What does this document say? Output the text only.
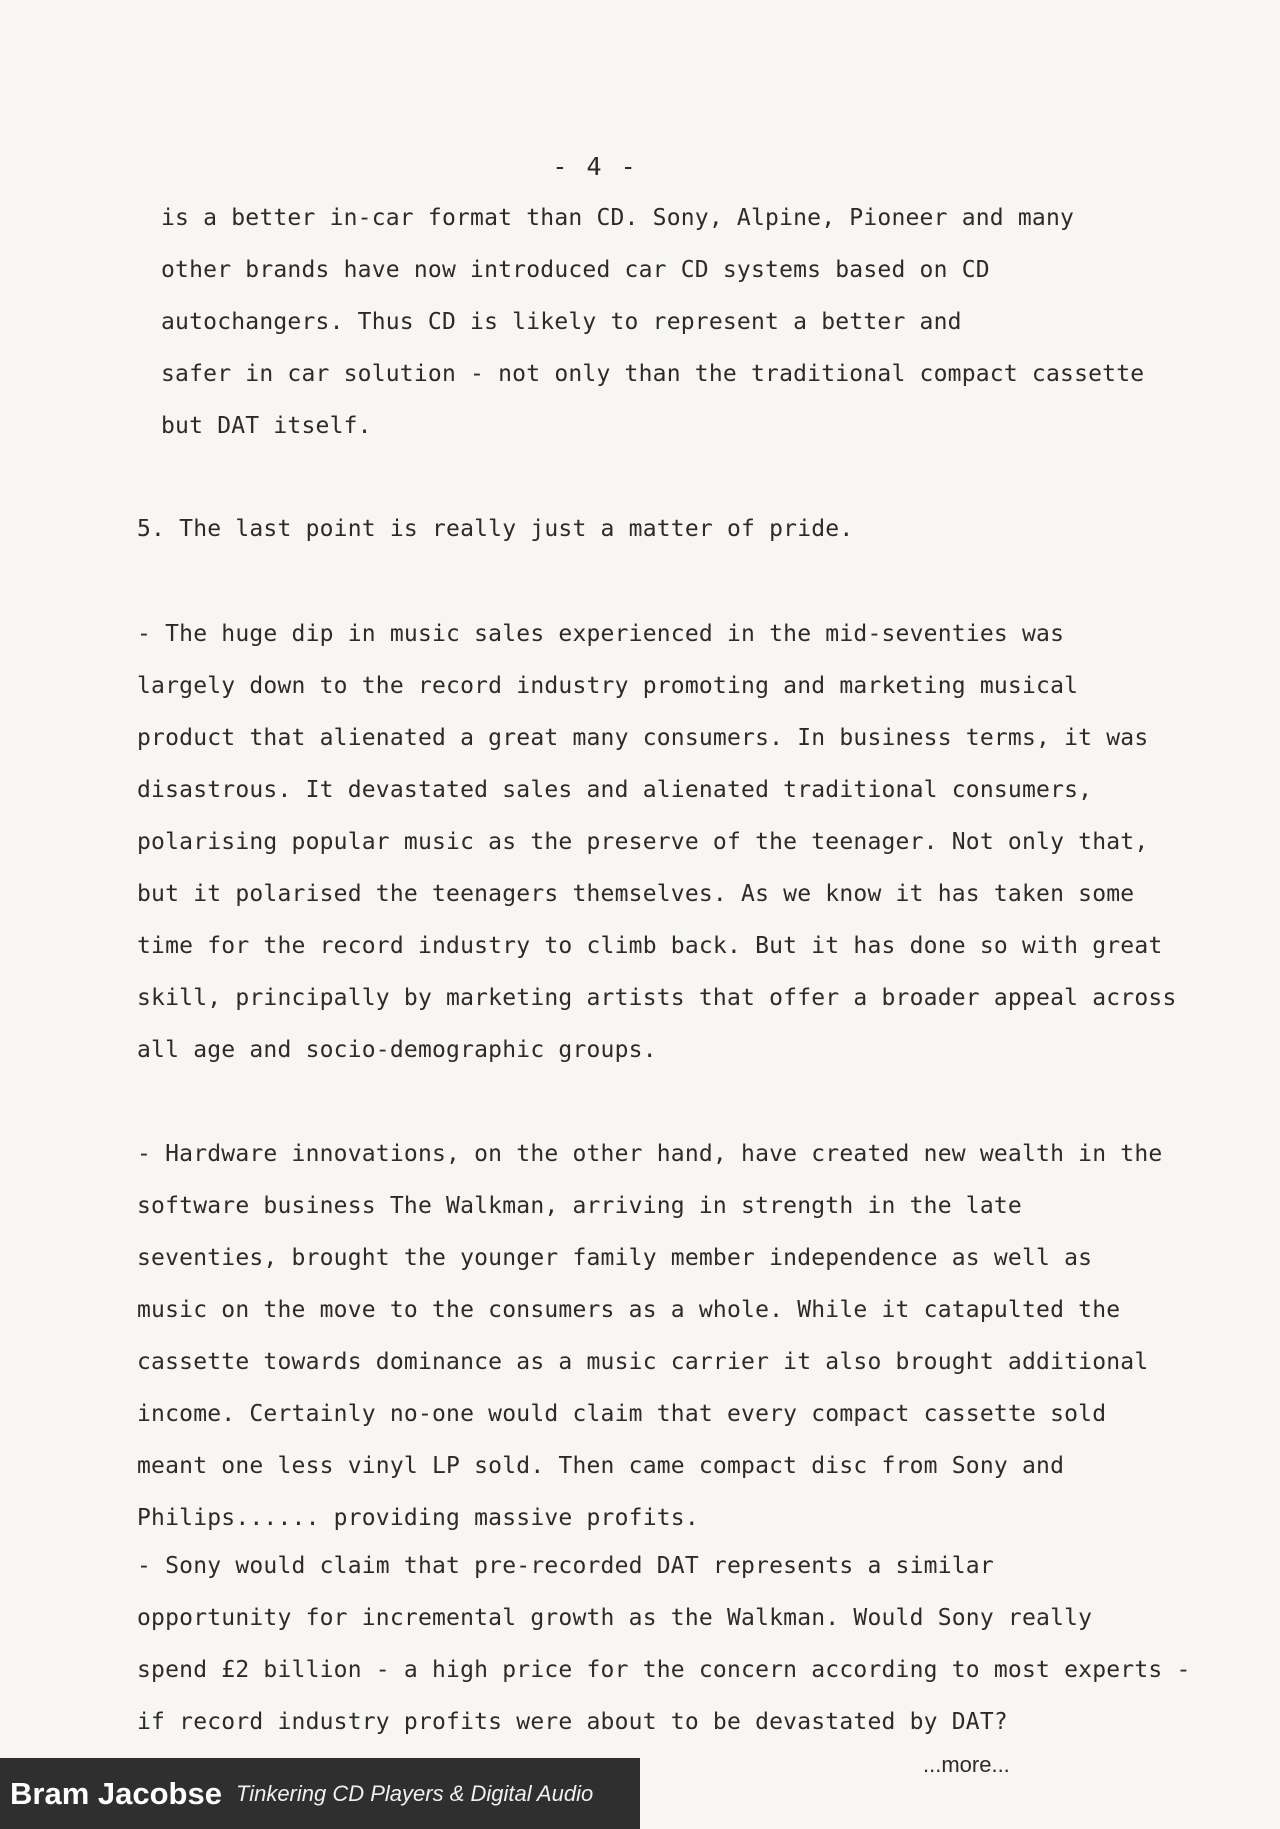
- 4 -
is a better in-car format than CD. Sony, Alpine, Pioneer and many
other brands have now introduced car CD systems based on CD
autochangers. Thus CD is likely to represent a better and
safer in car solution - not only than the traditional compact cassette
but DAT itself.
5. The last point is really just a matter of pride.
- The huge dip in music sales experienced in the mid-seventies was
largely down to the record industry promoting and marketing musical
product that alienated a great many consumers. In business terms, it was
disastrous. It devastated sales and alienated traditional consumers,
polarising popular music as the preserve of the teenager. Not only that,
but it polarised the teenagers themselves. As we know it has taken some
time for the record industry to climb back. But it has done so with great
skill, principally by marketing artists that offer a broader appeal across
all age and socio-demographic groups.
- Hardware innovations, on the other hand, have created new wealth in the
software business The Walkman, arriving in strength in the late
seventies, brought the younger family member independence as well as
music on the move to the consumers as a whole. While it catapulted the
cassette towards dominance as a music carrier it also brought additional
income. Certainly no-one would claim that every compact cassette sold
meant one less vinyl LP sold. Then came compact disc from Sony and
Philips...... providing massive profits.
- Sony would claim that pre-recorded DAT represents a similar
opportunity for incremental growth as the Walkman. Would Sony really
spend £2 billion - a high price for the concern according to most experts -
if record industry profits were about to be devastated by DAT?
...more...
Bram Jacobse Tinkering CD Players & Digital Audio
